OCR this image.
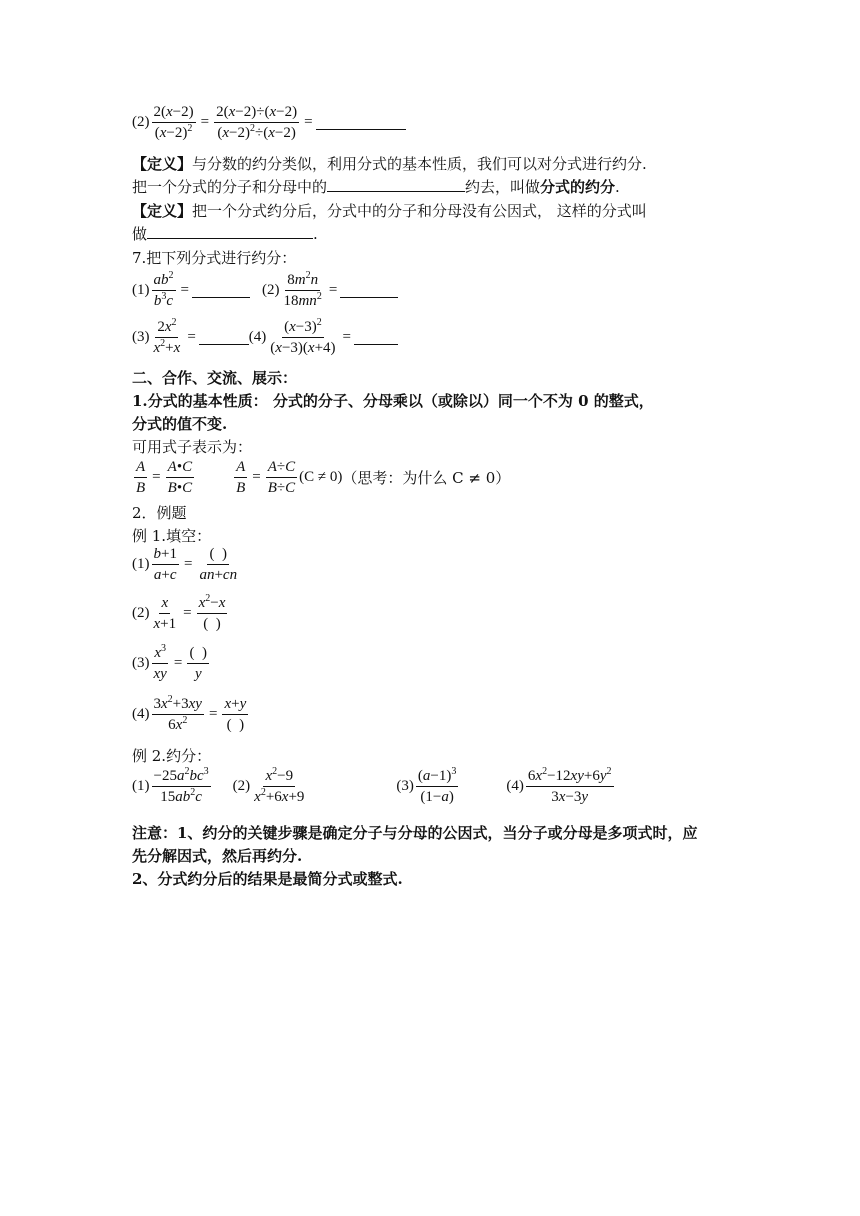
$(2) \frac{2(x-2)}{(x-2)^2} = \frac{2(x-2)\div(x-2)}{(x-2)^2\div(x-2)}$ =
【定义】与分数的约分类似，利用分式的基本性质，我们可以对分式进行约分.
把一个分式的分子和分母中的	约去，叫做分式的约分.
【定义】把一个分式约分后，分式中的分子和分母没有公因式， 这样的分式叫
做	.
7.把下列分式进行约分：
$(1) \frac{ab^2}{b^3c}$ =	$(2) \frac{8m^2n}{18mn^2}$ =
$(3) \frac{2x^2}{x^2+x}$ =	$(4) \frac{(x-3)^2}{(x-3)(x+4)}$ =
二、合作、交流、展示：
1.分式的基本性质： 分式的分子、分母乘以（或除以）同一个不为 0 的整式，
分式的值不变.
可用式子表示为：
$\frac{A}{B} = \frac{A•C}{B•C}$	$\frac{A}{B} = \frac{A\div C}{B\div C} (C \ne 0)$ （思考：为什么 C ≠ 0）
2．例题
例 1.填空：
$(1) \frac{b+1}{a+c}$ =
(  )
an+cn
$(2) \frac{x}{x+1}$ =
$x^2-x$
(  )
$(3) \frac{x^3}{xy}$ =
(  )
y
$(4) \frac{3x^2+3xy}{6x^2}$ =
x+y
(  )
例 2.约分：
(1)
$-25a^2bc^3$
$15ab^2c$
(2)
$x^2-9$
$x^2+6x+9$
(3)
$(a-1)^3$
(1−a)
(4)
$6x^2-12xy+6y^2$
3x−3y
注意：1、约分的关键步骤是确定分子与分母的公因式，当分子或分母是多项式时，应
先分解因式，然后再约分.
2、分式约分后的结果是最简分式或整式.
